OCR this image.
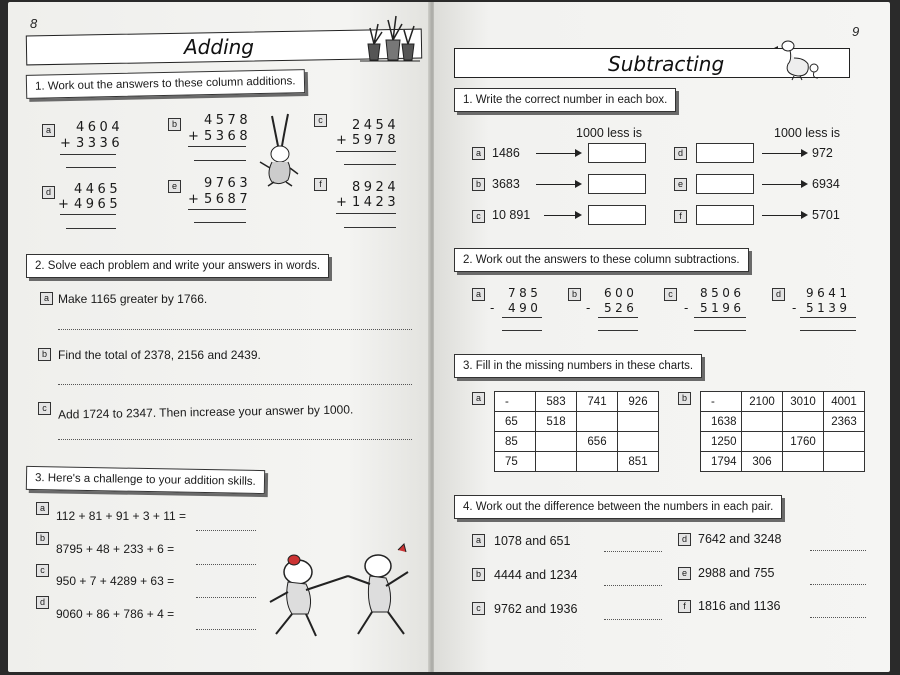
8
Adding
1. Work out the answers to these column additions.
a	4604
+ 3336
b	4578
+ 5368
c	2454
+ 5978
d	4465
+ 4965
e	9763
+ 5687
f	8924
+ 1423
2. Solve each problem and write your answers in words.
a Make 1165 greater by 1766.
b Find the total of 2378, 2156 and 2439.
c Add 1724 to 2347. Then increase your answer by 1000.
3. Here's a challenge to your addition skills.
a
112 + 81 + 91 + 3 + 11 =
b
8795 + 48 + 233 + 6 =
c
950 + 7 + 4289 + 63 =
d
9060 + 86 + 786 + 4 =
9
Subtracting
1. Write the correct number in each box.
1000 less is	1000 less is
a 1486
b 3683
c 10 891
d	972
e	6934
f	5701
2. Work out the answers to these column subtractions.
a	785
- 490
b	600
- 526
c	8506
- 5196
d	9641
- 5139
3. Fill in the missing numbers in these charts.
a	-	583	741	926
65	518		
85		656	
75			851
b	-	2100	3010	4001
1638			2363
1250		1760	
1794	306		
4. Work out the difference between the numbers in each pair.
a	1078 and 651
b	4444 and 1234
c	9762 and 1936
d 7642 and 3248
e 2988 and 755
f 1816 and 1136
